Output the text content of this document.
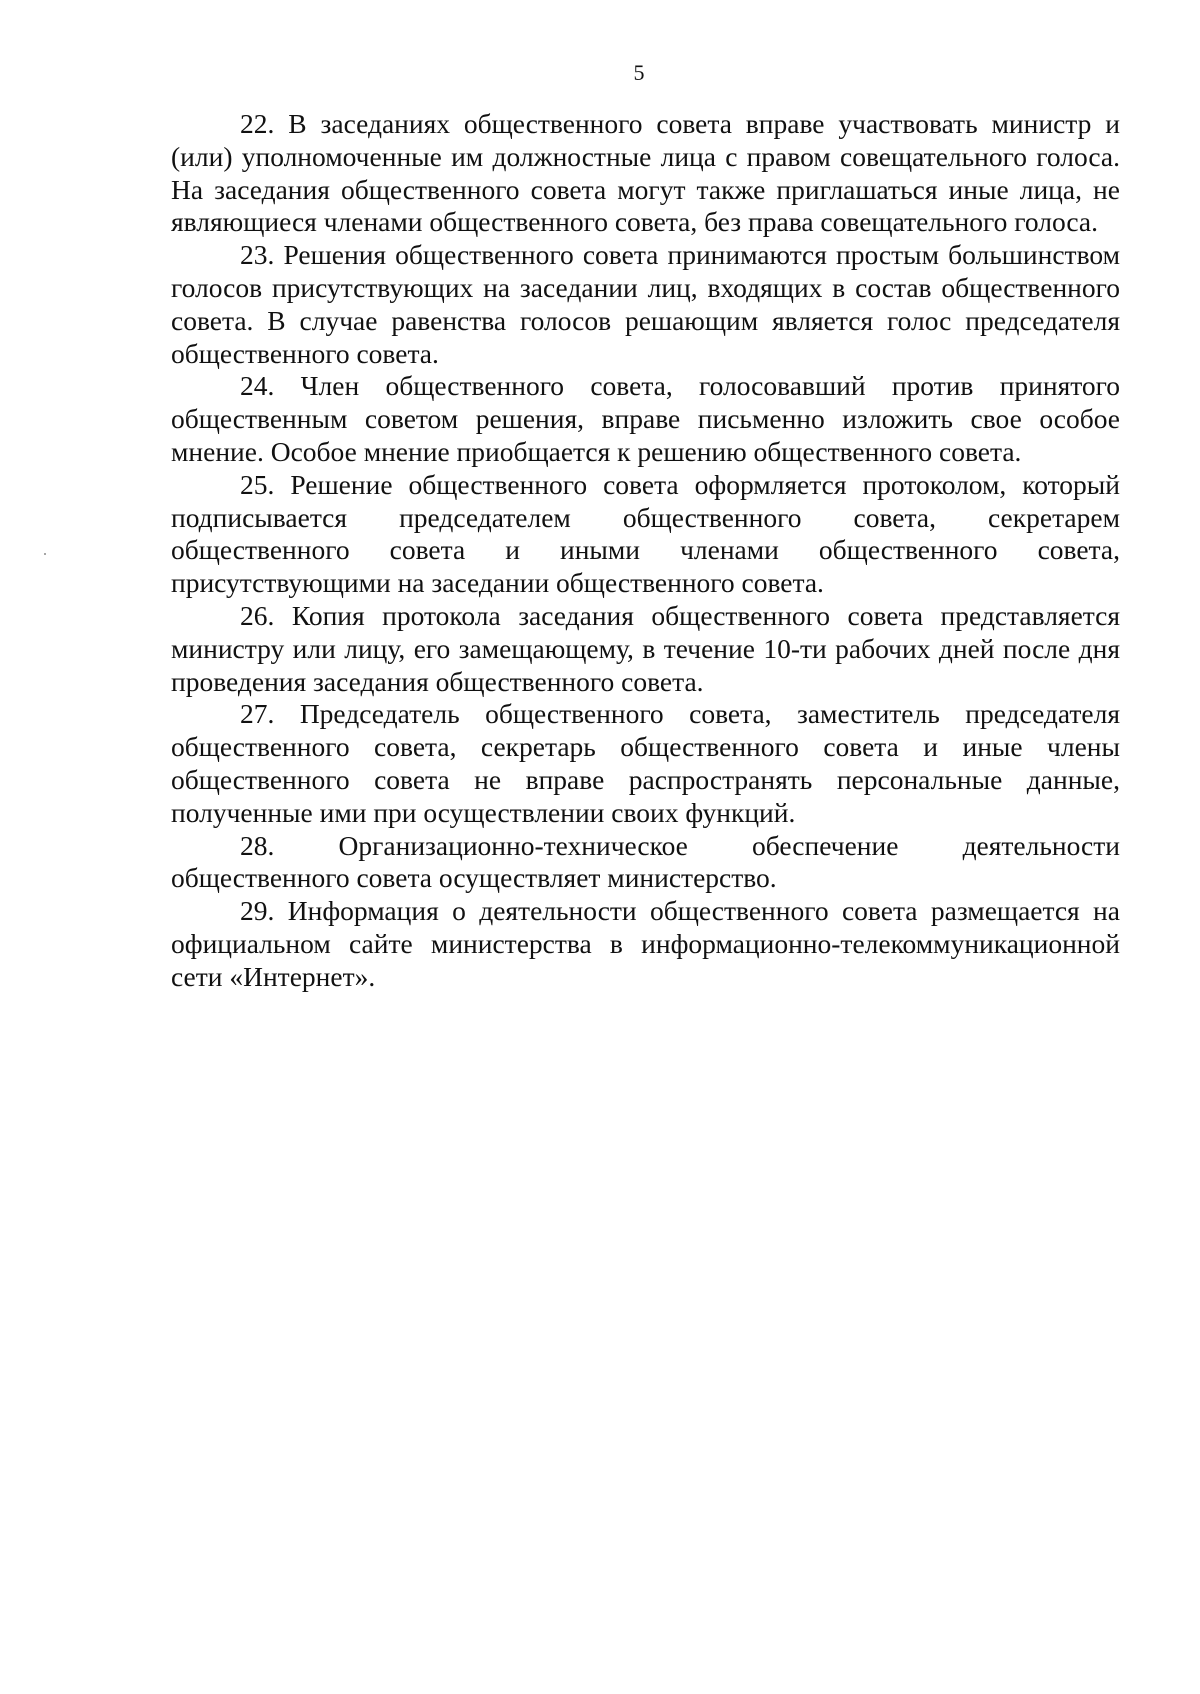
5

22. В заседаниях общественного совета вправе участвовать министр и (или) уполномоченные им должностные лица с правом совещательного голоса. На заседания общественного совета могут также приглашаться иные лица, не являющиеся членами общественного совета, без права совещательного голоса.

23. Решения общественного совета принимаются простым большинством голосов присутствующих на заседании лиц, входящих в состав общественного совета. В случае равенства голосов решающим является голос председателя общественного совета.

24. Член общественного совета, голосовавший против принятого общественным советом решения, вправе письменно изложить свое особое мнение. Особое мнение приобщается к решению общественного совета.

25. Решение общественного совета оформляется протоколом, который подписывается председателем общественного совета, секретарем общественного совета и иными членами общественного совета, присутствующими на заседании общественного совета.

26. Копия протокола заседания общественного совета представляется министру или лицу, его замещающему, в течение 10-ти рабочих дней после дня проведения заседания общественного совета.

27. Председатель общественного совета, заместитель председателя общественного совета, секретарь общественного совета и иные члены общественного совета не вправе распространять персональные данные, полученные ими при осуществлении своих функций.

28. Организационно-техническое обеспечение деятельности общественного совета осуществляет министерство.

29. Информация о деятельности общественного совета размещается на официальном сайте министерства в информационно-телекоммуникационной сети «Интернет».
